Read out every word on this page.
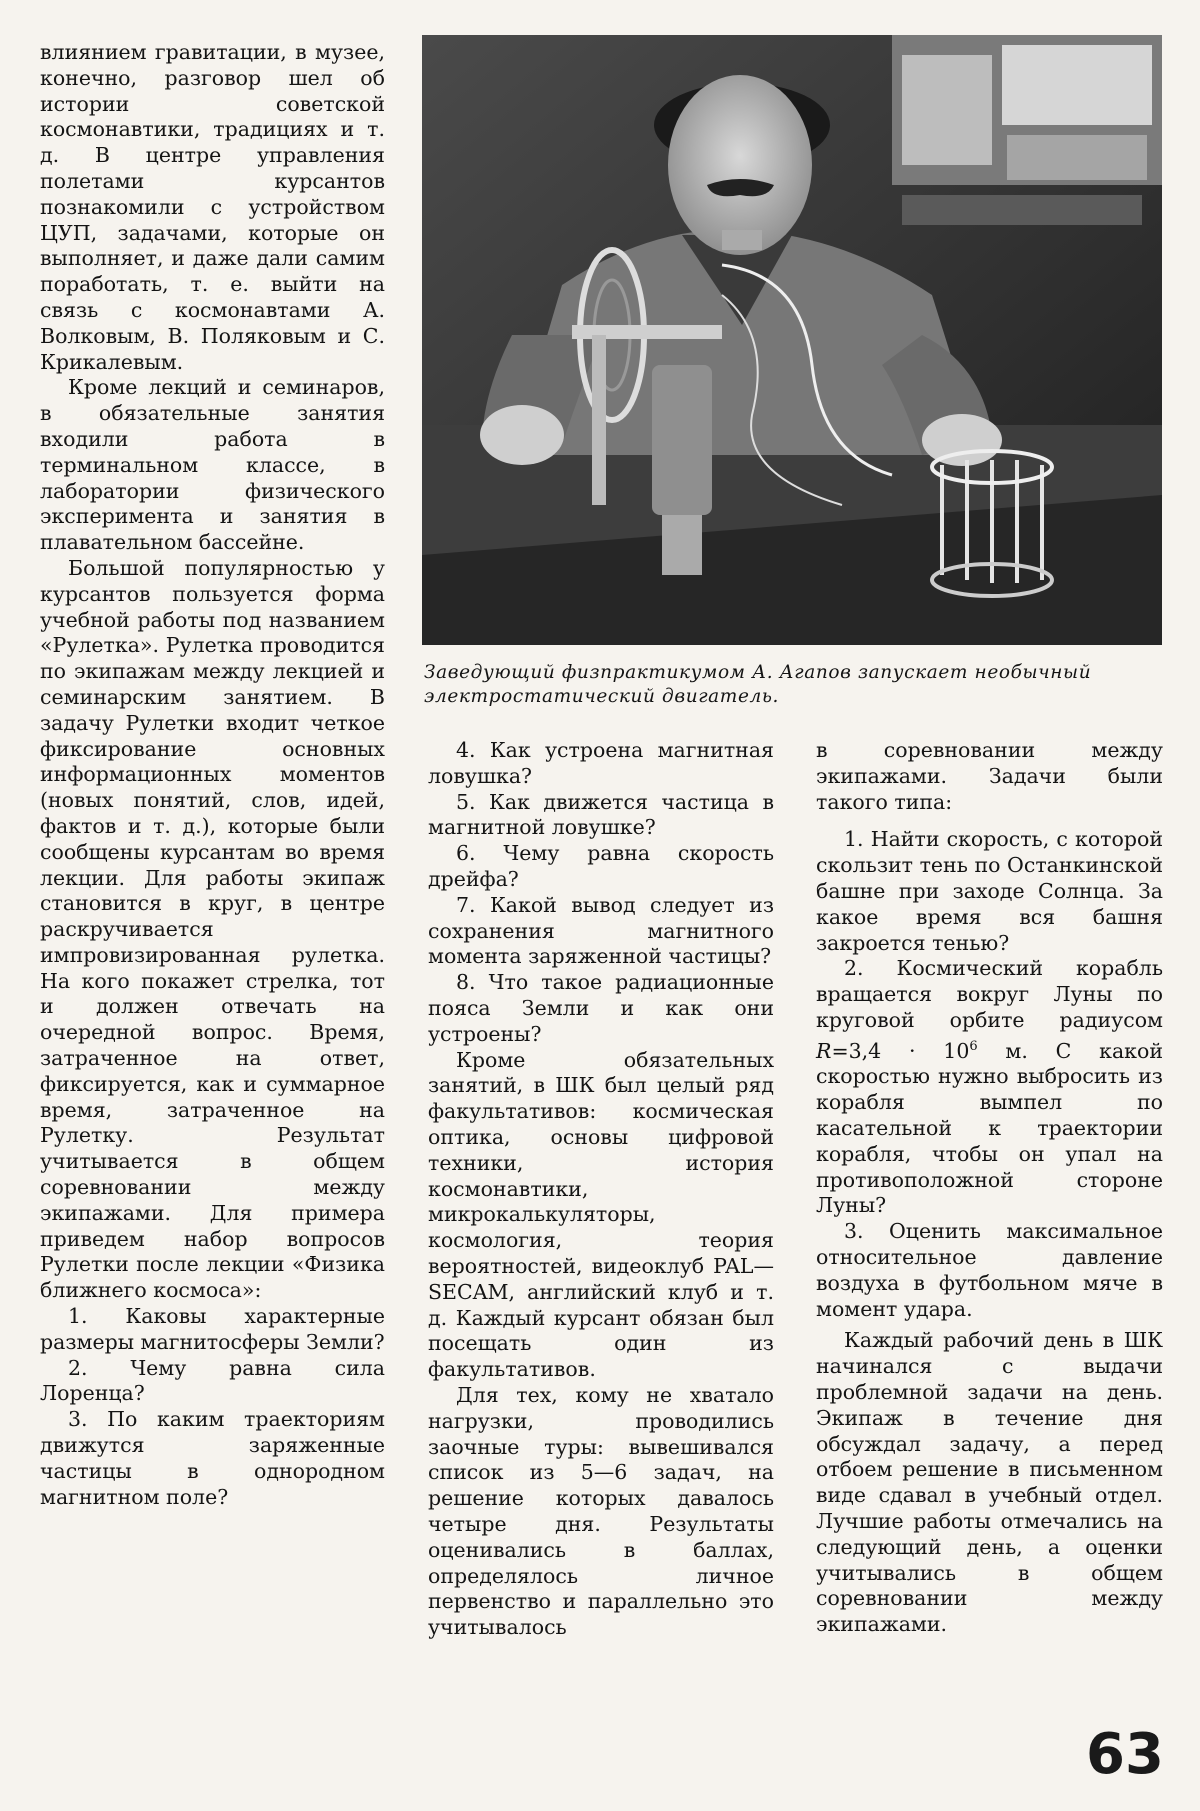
влиянием гравитации, в музее, конечно, разговор шел об истории советской космонавтики, традициях и т. д. В центре управления полетами курсантов познакомили с устройством ЦУП, задачами, которые он выполняет, и даже дали самим поработать, т. е. выйти на связь с космонавтами А. Волковым, В. Поляковым и С. Крикалевым.

Кроме лекций и семинаров, в обязательные занятия входили работа в терминальном классе, в лаборатории физического эксперимента и занятия в плавательном бассейне.

Большой популярностью у курсантов пользуется форма учебной работы под названием «Рулетка». Рулетка проводится по экипажам между лекцией и семинарским занятием. В задачу Рулетки входит четкое фиксирование основных информационных моментов (новых понятий, слов, идей, фактов и т. д.), которые были сообщены курсантам во время лекции. Для работы экипаж становится в круг, в центре раскручивается импровизированная рулетка. На кого покажет стрелка, тот и должен отвечать на очередной вопрос. Время, затраченное на ответ, фиксируется, как и суммарное время, затраченное на Рулетку. Результат учитывается в общем соревновании между экипажами. Для примера приведем набор вопросов Рулетки после лекции «Физика ближнего космоса»:

1. Каковы характерные размеры магнитосферы Земли?

2. Чему равна сила Лоренца?

3. По каким траекториям движутся заряженные частицы в однородном магнитном поле?

Заведующий физпрактикумом А. Агапов запускает необычный электростатический двигатель.

4. Как устроена магнитная ловушка?

5. Как движется частица в магнитной ловушке?

6. Чему равна скорость дрейфа?

7. Какой вывод следует из сохранения магнитного момента заряженной частицы?

8. Что такое радиационные пояса Земли и как они устроены?

Кроме обязательных занятий, в ШК был целый ряд факультативов: космическая оптика, основы цифровой техники, история космонавтики, микрокалькуляторы, космология, теория вероятностей, видеоклуб PAL—SECAM, английский клуб и т. д. Каждый курсант обязан был посещать один из факультативов.

Для тех, кому не хватало нагрузки, проводились заочные туры: вывешивался список из 5—6 задач, на решение которых давалось четыре дня. Результаты оценивались в баллах, определялось личное первенство и параллельно это учитывалось

в соревновании между экипажами. Задачи были такого типа:

1. Найти скорость, с которой скользит тень по Останкинской башне при заходе Солнца. За какое время вся башня закроется тенью?

2. Космический корабль вращается вокруг Луны по круговой орбите радиусом $R=3,4 \cdot 10^6$ м. С какой скоростью нужно выбросить из корабля вымпел по касательной к траектории корабля, чтобы он упал на противоположной стороне Луны?

3. Оценить максимальное относительное давление воздуха в футбольном мяче в момент удара.

Каждый рабочий день в ШК начинался с выдачи проблемной задачи на день. Экипаж в течение дня обсуждал задачу, а перед отбоем решение в письменном виде сдавал в учебный отдел. Лучшие работы отмечались на следующий день, а оценки учитывались в общем соревновании между экипажами.

63
